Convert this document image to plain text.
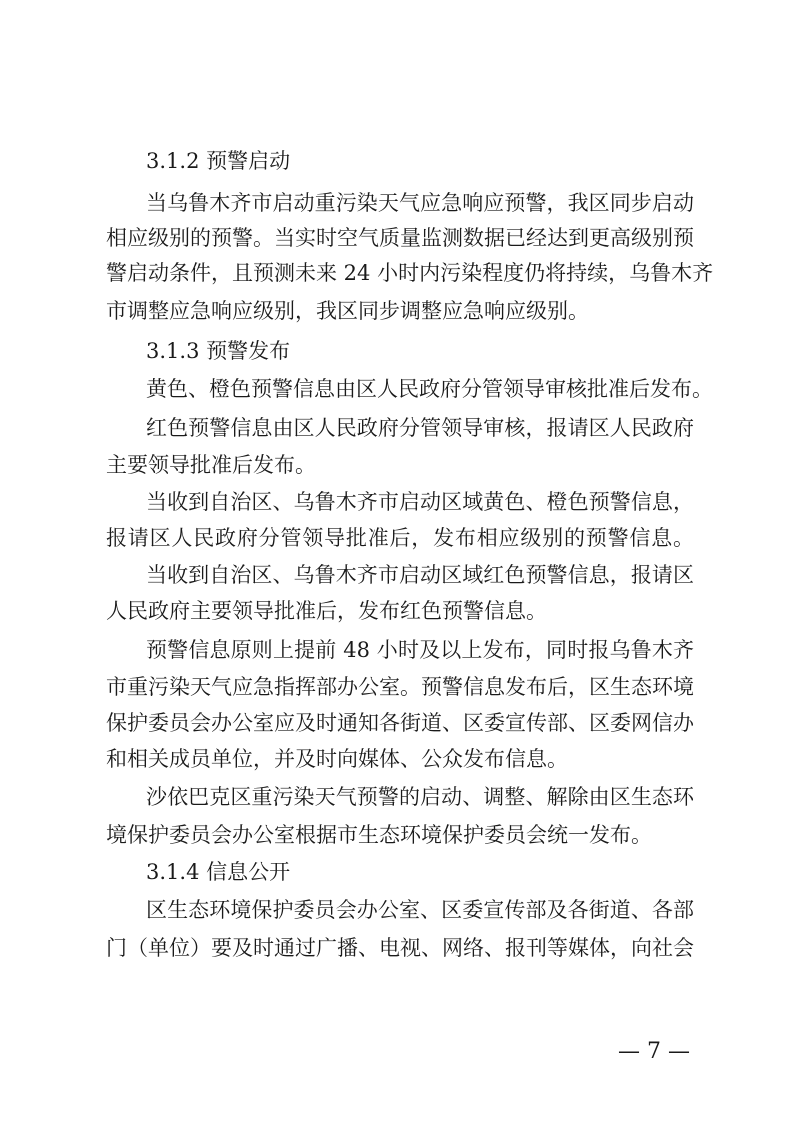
3.1.2 预警启动
当乌鲁木齐市启动重污染天气应急响应预警，我区同步启动
相应级别的预警。当实时空气质量监测数据已经达到更高级别预
警启动条件，且预测未来 24 小时内污染程度仍将持续，乌鲁木齐
市调整应急响应级别，我区同步调整应急响应级别。
3.1.3 预警发布
黄色、橙色预警信息由区人民政府分管领导审核批准后发布。
红色预警信息由区人民政府分管领导审核，报请区人民政府
主要领导批准后发布。
当收到自治区、乌鲁木齐市启动区域黄色、橙色预警信息，
报请区人民政府分管领导批准后，发布相应级别的预警信息。
当收到自治区、乌鲁木齐市启动区域红色预警信息，报请区
人民政府主要领导批准后，发布红色预警信息。
预警信息原则上提前 48 小时及以上发布，同时报乌鲁木齐
市重污染天气应急指挥部办公室。预警信息发布后，区生态环境
保护委员会办公室应及时通知各街道、区委宣传部、区委网信办
和相关成员单位，并及时向媒体、公众发布信息。
沙依巴克区重污染天气预警的启动、调整、解除由区生态环
境保护委员会办公室根据市生态环境保护委员会统一发布。
3.1.4 信息公开
区生态环境保护委员会办公室、区委宣传部及各街道、各部
门（单位）要及时通过广播、电视、网络、报刊等媒体，向社会
— 7 —
